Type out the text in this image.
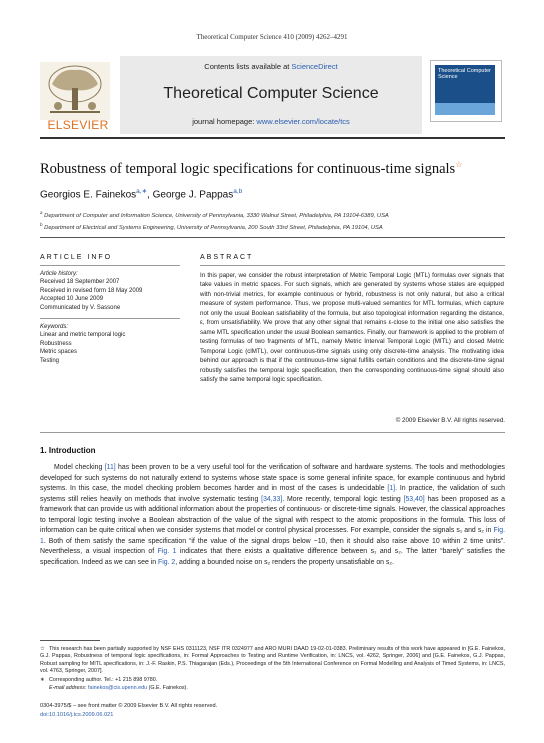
Theoretical Computer Science 410 (2009) 4262–4291
ELSEVIER
Contents lists available at ScienceDirect
Theoretical Computer Science
journal homepage: www.elsevier.com/locate/tcs
Theoretical Computer Science
Robustness of temporal logic specifications for continuous-time signals☆
Georgios E. Fainekos$^{a,∗}$, George J. Pappas$^{a,b}$
$^a$ Department of Computer and Information Science, University of Pennsylvania, 3330 Walnut Street, Philadelphia, PA 19104-6389, USA
$^b$ Department of Electrical and Systems Engineering, University of Pennsylvania, 200 South 33rd Street, Philadelphia, PA 19104, USA
ARTICLE INFO
Article history:
Received 18 September 2007
Received in revised form 18 May 2009
Accepted 10 June 2009
Communicated by V. Sassone
Keywords:
Linear and metric temporal logic
Robustness
Metric spaces
Testing
ABSTRACT
In this paper, we consider the robust interpretation of Metric Temporal Logic (MTL) formulas over signals that take values in metric spaces. For such signals, which are generated by systems whose states are equipped with non-trivial metrics, for example continuous or hybrid, robustness is not only natural, but also a critical measure of system performance. Thus, we propose multi-valued semantics for MTL formulas, which capture not only the usual Boolean satisfiability of the formula, but also topological information regarding the distance, ε, from unsatisfiability. We prove that any other signal that remains ε-close to the initial one also satisfies the same MTL specification under the usual Boolean semantics. Finally, our framework is applied to the problem of testing formulas of two fragments of MTL, namely Metric Interval Temporal Logic (MITL) and closed Metric Temporal Logic (clMTL), over continuous-time signals using only discrete-time analysis. The motivating idea behind our approach is that if the continuous-time signal fulfills certain conditions and the discrete-time signal robustly satisfies the temporal logic specification, then the corresponding continuous-time signal should also satisfy the same temporal logic specification.
© 2009 Elsevier B.V. All rights reserved.
1. Introduction
Model checking [11] has been proven to be a very useful tool for the verification of software and hardware systems. The tools and methodologies developed for such systems do not naturally extend to systems whose state space is some general infinite space, for example continuous and hybrid systems. In this case, the model checking problem becomes harder and in most of the cases is undecidable [1]. In practice, the validation of such systems still relies heavily on methods that involve systematic testing [34,33]. More recently, temporal logic testing [53,40] has been proposed as a framework that can provide us with additional information about the properties of continuous- or discrete-time signals. However, the classical approaches to temporal logic testing involve a Boolean abstraction of the value of the signal with respect to the atomic propositions in the formula. This loss of information can be quite critical when we consider systems that model or control physical processes. For example, consider the signals s₁ and s₂ in Fig. 1. Both of them satisfy the same specification “if the value of the signal drops below −10, then it should also raise above 10 within 2 time units”. Nevertheless, a visual inspection of Fig. 1 indicates that there exists a qualitative difference between s₁ and s₂. The latter “barely” satisfies the specification. Indeed as we can see in Fig. 2, adding a bounded noise on s₂ renders the property unsatisfiable on s₂.
☆ This research has been partially supported by NSF EHS 0311123, NSF ITR 0324977 and ARO MURI DAAD 19-02-01-0383. Preliminary results of this work have appeared in [G.E. Fainekos, G.J. Pappas, Robustness of temporal logic specifications, in: Formal Approaches to Testing and Runtime Verification, in: LNCS, vol. 4262, Springer, 2006] and [G.E. Fainekos, G.J. Pappas, Robust sampling for MITL specifications, in: J.-F. Raskin, P.S. Thiagarajan (Eds.), Proceedings of the 5th International Conference on Formal Modelling and Analysis of Timed Systems, in: LNCS, vol. 4763, Springer, 2007].
∗ Corresponding author. Tel.: +1 215 898 9780.
E-mail address: fainekos@cis.upenn.edu (G.E. Fainekos).
0304-3975/$ – see front matter © 2009 Elsevier B.V. All rights reserved.
doi:10.1016/j.tcs.2009.06.021
